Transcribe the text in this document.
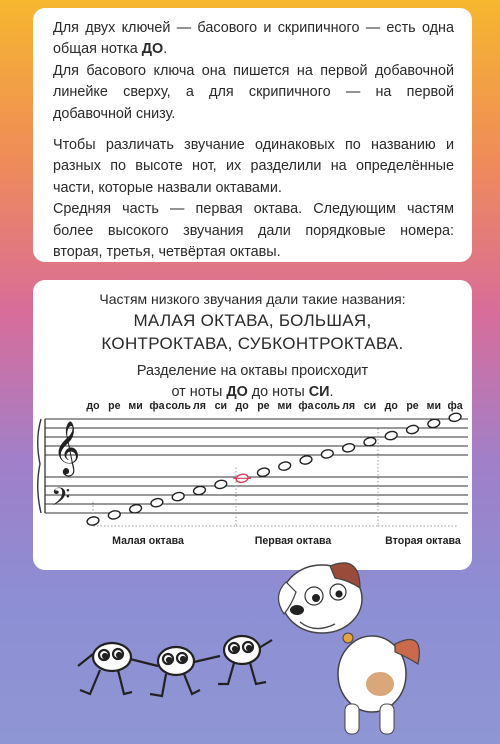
Для двух ключей — басового и скрипичного — есть одна общая нотка ДО.

Для басового ключа она пишется на первой добавочной линейке сверху, а для скрипичного — на первой добавочной снизу.

Чтобы различать звучание одинаковых по названию и разных по высоте нот, их разделили на определённые части, которые назвали октавами.

Средняя часть — первая октава. Следующим частям более высокого звучания дали порядковые номера: вторая, третья, четвёртая октавы.

Частям низкого звучания дали такие названия:

МАЛАЯ ОКТАВА, БОЛЬШАЯ,

КОНТРОКТАВА, СУБКОНТРОКТАВА.

Разделение на октавы происходит

от ноты ДО до ноты СИ.

до ре ми фа соль ля си до ре ми фа соль ля си до ре ми фа
𝄞
𝄢
Малая октава	Первая октава	Вторая октава
